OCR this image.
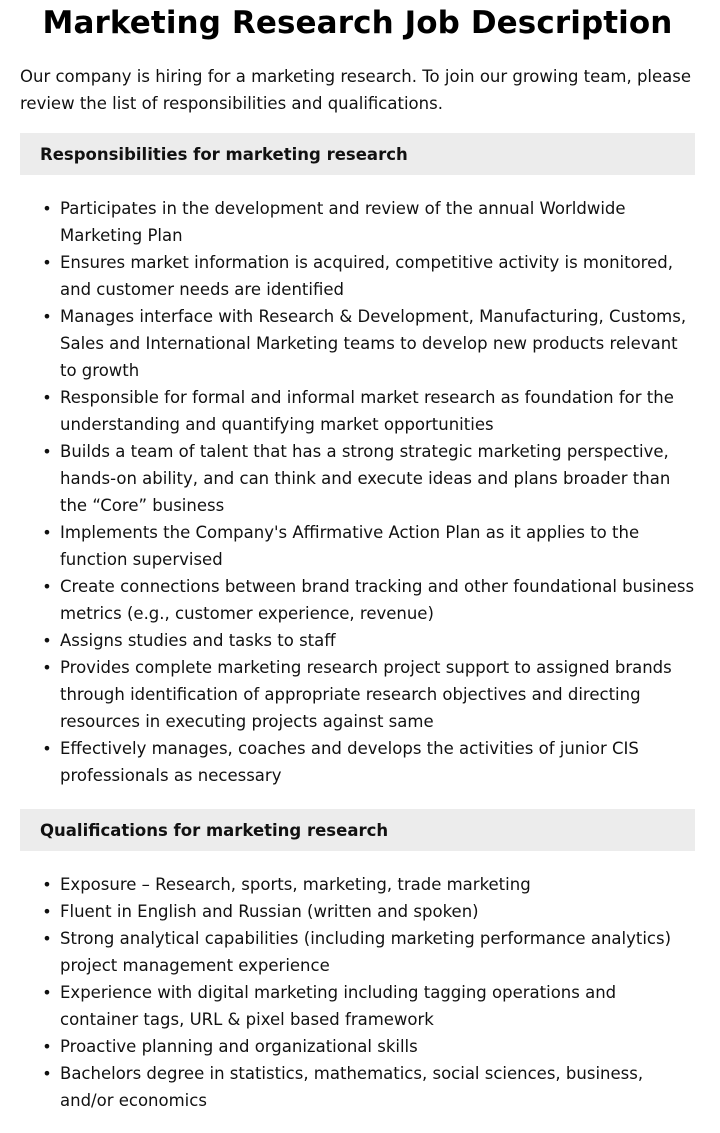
Marketing Research Job Description

Our company is hiring for a marketing research. To join our growing team, please review the list of responsibilities and qualifications.

Responsibilities for marketing research
• Participates in the development and review of the annual Worldwide Marketing Plan
• Ensures market information is acquired, competitive activity is monitored, and customer needs are identified
• Manages interface with Research & Development, Manufacturing, Customs, Sales and International Marketing teams to develop new products relevant to growth
• Responsible for formal and informal market research as foundation for the understanding and quantifying market opportunities
• Builds a team of talent that has a strong strategic marketing perspective, hands-on ability, and can think and execute ideas and plans broader than the “Core” business
• Implements the Company's Affirmative Action Plan as it applies to the function supervised
• Create connections between brand tracking and other foundational business metrics (e.g., customer experience, revenue)
• Assigns studies and tasks to staff
• Provides complete marketing research project support to assigned brands through identification of appropriate research objectives and directing resources in executing projects against same
• Effectively manages, coaches and develops the activities of junior CIS professionals as necessary
Qualifications for marketing research
• Exposure – Research, sports, marketing, trade marketing
• Fluent in English and Russian (written and spoken)
• Strong analytical capabilities (including marketing performance analytics) project management experience
• Experience with digital marketing including tagging operations and container tags, URL & pixel based framework
• Proactive planning and organizational skills
• Bachelors degree in statistics, mathematics, social sciences, business, and/or economics
